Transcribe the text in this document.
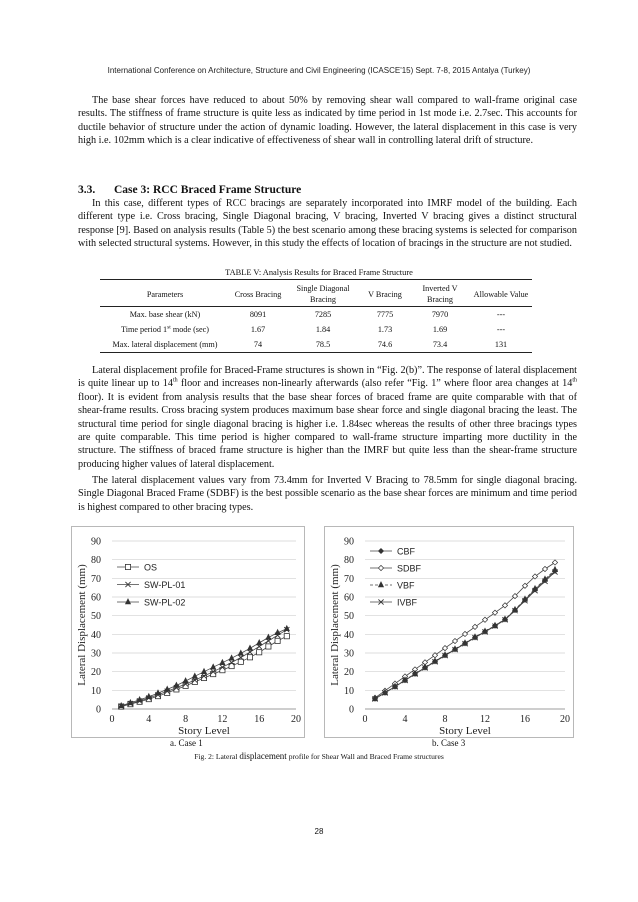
International Conference on Architecture, Structure and Civil Engineering (ICASCE'15) Sept. 7-8, 2015 Antalya (Turkey)

The base shear forces have reduced to about 50% by removing shear wall compared to wall-frame original case results. The stiffness of frame structure is quite less as indicated by time period in 1st mode i.e. 2.7sec. This accounts for ductile behavior of structure under the action of dynamic loading. However, the lateral displacement in this case is very high i.e. 102mm which is a clear indicative of effectiveness of shear wall in controlling lateral drift of structure.

3.3. Case 3: RCC Braced Frame Structure

In this case, different types of RCC bracings are separately incorporated into IMRF model of the building. Each different type i.e. Cross bracing, Single Diagonal bracing, V bracing, Inverted V bracing gives a distinct structural response [9]. Based on analysis results (Table 5) the best scenario among these bracing systems is selected for comparison with selected structural systems. However, in this study the effects of location of bracings in the structure are not studied.

TABLE V: Analysis Results for Braced Frame Structure
Parameters	Cross Bracing	Single Diagonal Bracing	V Bracing	Inverted V Bracing	Allowable Value
Max. base shear (kN)	8091	7285	7775	7970	---
Time period 1st mode (sec)	1.67	1.84	1.73	1.69	---
Max. lateral displacement (mm)	74	78.5	74.6	73.4	131

Lateral displacement profile for Braced-Frame structures is shown in “Fig. 2(b)”. The response of lateral displacement is quite linear up to 14th floor and increases non-linearly afterwards (also refer “Fig. 1” where floor area changes at 14th floor). It is evident from analysis results that the base shear forces of braced frame are quite comparable with that of shear-frame results. Cross bracing system produces maximum base shear force and single diagonal bracing the least. The structural time period for single diagonal bracing is higher i.e. 1.84sec whereas the results of other three bracings types are quite comparable. This time period is higher compared to wall-frame structure imparting more ductility in the structure. The stiffness of braced frame structure is higher than the IMRF but quite less than the shear-frame structure producing higher values of lateral displacement.

The lateral displacement values vary from 73.4mm for Inverted V Bracing to 78.5mm for single diagonal bracing. Single Diagonal Braced Frame (SDBF) is the best possible scenario as the base shear forces are minimum and time period is highest compared to other bracing types.

0
10
20
30
40
50
60
70
80
90
0	4	8	12	16	20
Story Level
Lateral Displacement (mm)	OS
SW-PL-01
SW-PL-02
0
10
20
30
40
50
60
70
80
90
0	4	8	12	16	20
Story Level
Lateral Displacement (mm)
CBF
SDBF
VBF
IVBF
a. Case 1	b. Case 3
Fig. 2: Lateral displacement profile for Shear Wall and Braced Frame structures
28
